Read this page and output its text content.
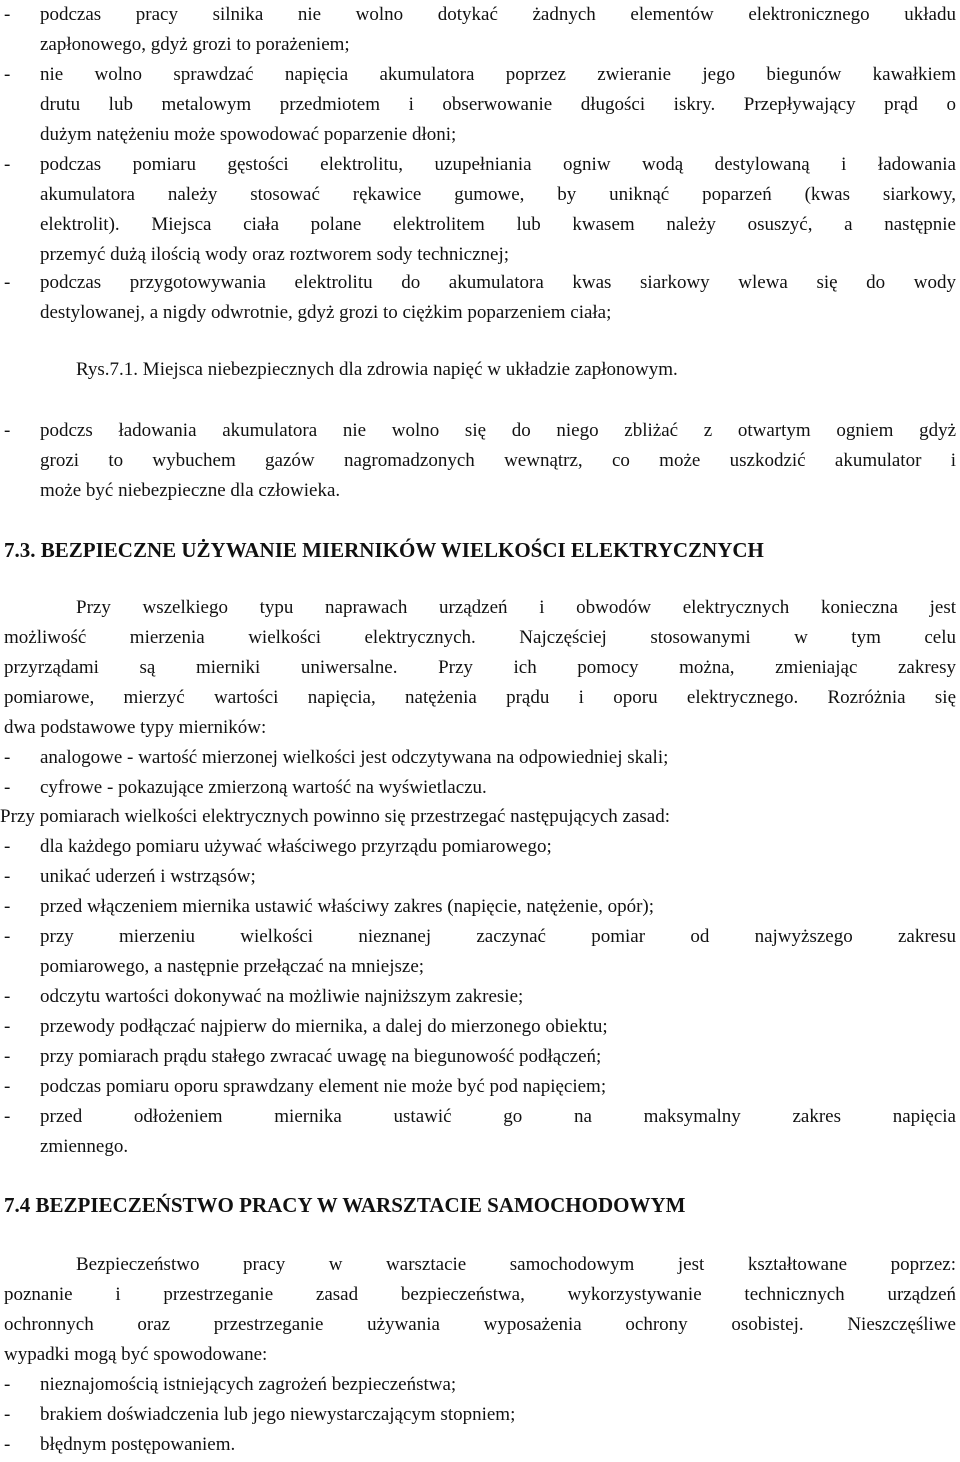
- podczas pracy silnika nie wolno dotykać żadnych elementów elektronicznego układu
zapłonowego, gdyż grozi to porażeniem;
- nie wolno sprawdzać napięcia akumulatora poprzez zwieranie jego biegunów kawałkiem
drutu lub metalowym przedmiotem i obserwowanie długości iskry. Przepływający prąd o
dużym natężeniu może spowodować poparzenie dłoni;
- podczas pomiaru gęstości elektrolitu, uzupełniania ogniw wodą destylowaną i ładowania
akumulatora należy stosować rękawice gumowe, by uniknąć poparzeń (kwas siarkowy,
elektrolit). Miejsca ciała polane elektrolitem lub kwasem należy osuszyć, a następnie
przemyć dużą ilością wody oraz roztworem sody technicznej;
- podczas przygotowywania elektrolitu do akumulatora kwas siarkowy wlewa się do wody
destylowanej, a nigdy odwrotnie, gdyż grozi to ciężkim poparzeniem ciała;
Rys.7.1. Miejsca niebezpiecznych dla zdrowia napięć w układzie zapłonowym.
- podczs ładowania akumulatora nie wolno się do niego zbliżać z otwartym ogniem gdyż
grozi to wybuchem gazów nagromadzonych wewnątrz, co może uszkodzić akumulator i
może być niebezpieczne dla człowieka.
7.3. BEZPIECZNE UŻYWANIE MIERNIKÓW WIELKOŚCI ELEKTRYCZNYCH
Przy wszelkiego typu naprawach urządzeń i obwodów elektrycznych konieczna jest
możliwość mierzenia wielkości elektrycznych. Najczęściej stosowanymi w tym celu
przyrządami są mierniki uniwersalne. Przy ich pomocy można, zmieniając zakresy
pomiarowe, mierzyć wartości napięcia, natężenia prądu i oporu elektrycznego. Rozróżnia się
dwa podstawowe typy mierników:
- analogowe - wartość mierzonej wielkości jest odczytywana na odpowiedniej skali;
- cyfrowe - pokazujące zmierzoną wartość na wyświetlaczu.
Przy pomiarach wielkości elektrycznych powinno się przestrzegać następujących zasad:
- dla każdego pomiaru używać właściwego przyrządu pomiarowego;
- unikać uderzeń i wstrząsów;
- przed włączeniem miernika ustawić właściwy zakres (napięcie, natężenie, opór);
- przy mierzeniu wielkości nieznanej zaczynać pomiar od najwyższego zakresu
pomiarowego, a następnie przełączać na mniejsze;
- odczytu wartości dokonywać na możliwie najniższym zakresie;
- przewody podłączać najpierw do miernika, a dalej do mierzonego obiektu;
- przy pomiarach prądu stałego zwracać uwagę na biegunowość podłączeń;
- podczas pomiaru oporu sprawdzany element nie może być pod napięciem;
- przed odłożeniem miernika ustawić go na maksymalny zakres napięcia
zmiennego.
7.4 BEZPIECZEŃSTWO PRACY W WARSZTACIE SAMOCHODOWYM
Bezpieczeństwo pracy w warsztacie samochodowym jest kształtowane poprzez:
poznanie i przestrzeganie zasad bezpieczeństwa, wykorzystywanie technicznych urządzeń
ochronnych oraz przestrzeganie używania wyposażenia ochrony osobistej. Nieszczęśliwe
wypadki mogą być spowodowane:
- nieznajomością istniejących zagrożeń bezpieczeństwa;
- brakiem doświadczenia lub jego niewystarczającym stopniem;
- błędnym postępowaniem.
